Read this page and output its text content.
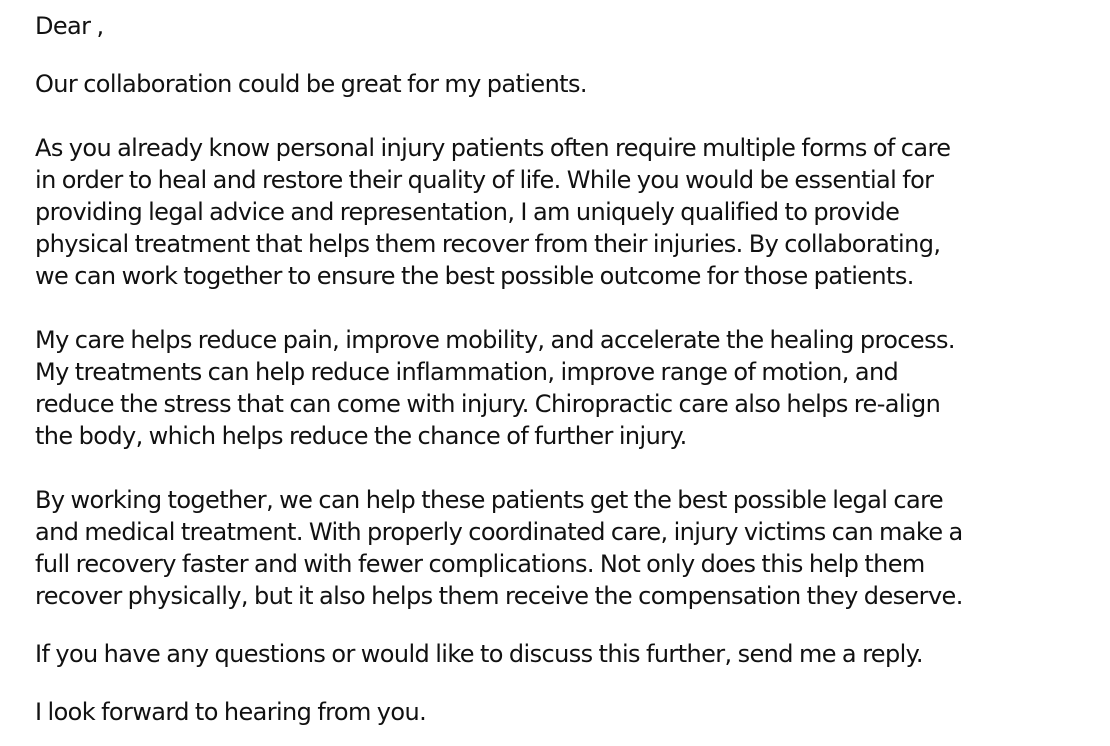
Dear ,

Our collaboration could be great for my patients.

As you already know personal injury patients often require multiple forms of care
in order to heal and restore their quality of life. While you would be essential for
providing legal advice and representation, I am uniquely qualified to provide
physical treatment that helps them recover from their injuries. By collaborating,
we can work together to ensure the best possible outcome for those patients.

My care helps reduce pain, improve mobility, and accelerate the healing process.
My treatments can help reduce inflammation, improve range of motion, and
reduce the stress that can come with injury. Chiropractic care also helps re-align
the body, which helps reduce the chance of further injury.

By working together, we can help these patients get the best possible legal care
and medical treatment. With properly coordinated care, injury victims can make a
full recovery faster and with fewer complications. Not only does this help them
recover physically, but it also helps them receive the compensation they deserve.

If you have any questions or would like to discuss this further, send me a reply.

I look forward to hearing from you.
